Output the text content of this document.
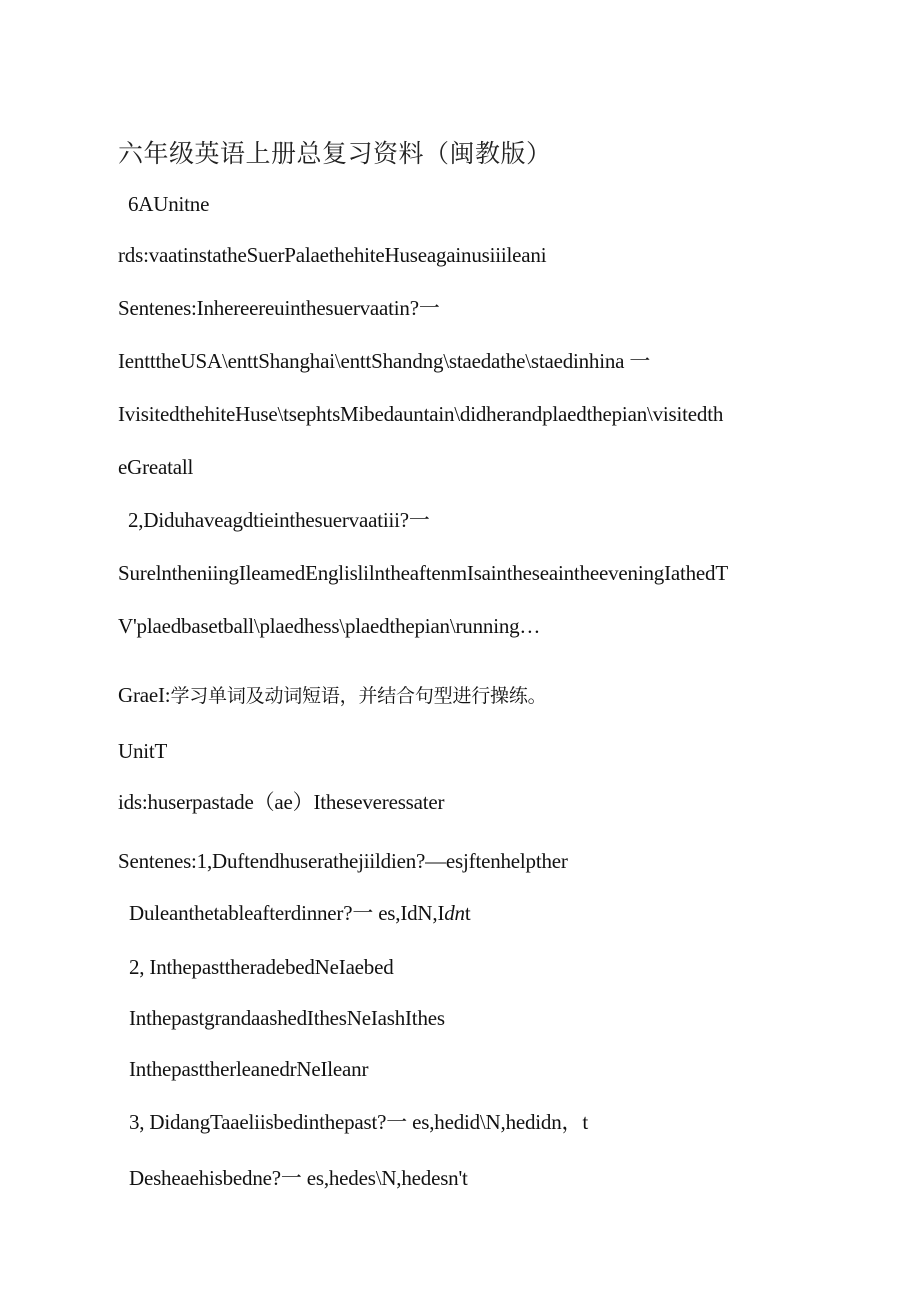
六年级英语上册总复习资料（闽教版）
6AUnitne
rds:vaatinstatheSuerPalaethehiteHuseagainusiiileani
Sentenes:Inhereereuinthesuervaatin?一
IentttheUSA\enttShanghai\enttShandng\staedathe\staedinhina 一
IvisitedthehiteHuse\tsephtsMibedauntain\didherandplaedthepian\visitedth
eGreatall
2,Diduhaveagdtieinthesuervaatiii?一
SurelntheniingIleamedEnglislilntheaftenmIsaintheseaintheeveningIathedT
V'plaedbasetball\plaedhess\plaedthepian\running…
GraeI:学习单词及动词短语，并结合句型进行操练。
UnitT
ids:huserpastade（ae）Itheseveressater
Sentenes:1,Duftendhuserathejiildien?—esjftenhelpther
Duleanthetableafterdinner?一 es,IdN,Idnt
2, InthepasttheradebedNeIaebed
InthepastgrandaashedIthesNeIashIthes
InthepasttherleanedrNeIleanr
3, DidangTaaeliisbedinthepast?一 es,hedid\N,hedidn，t
Desheaehisbedne?一 es,hedes\N,hedesn't
